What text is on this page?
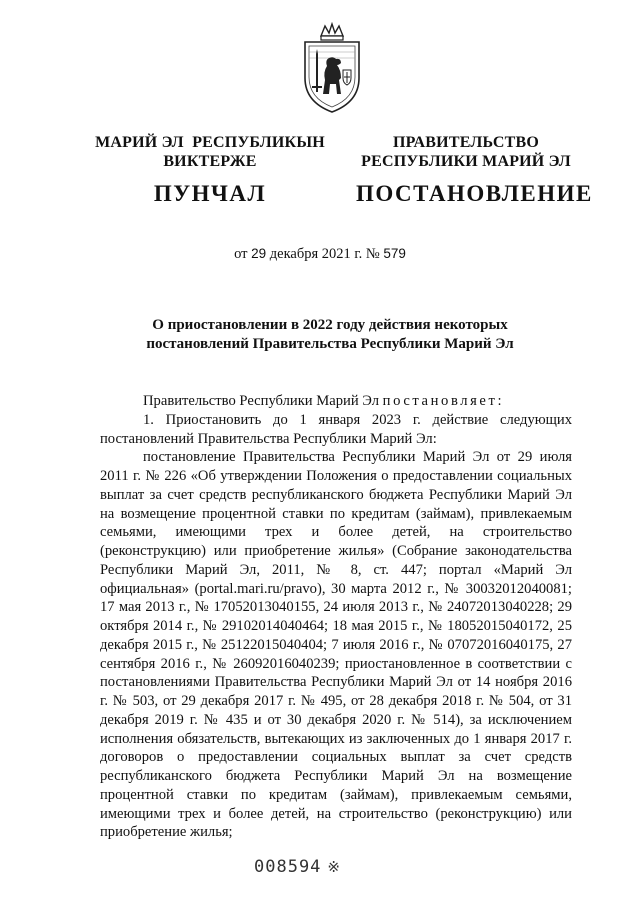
МАРИЙ ЭЛ  РЕСПУБЛИКЫН
ВИКТЕРЖЕ
ПУНЧАЛ
ПРАВИТЕЛЬСТВО
РЕСПУБЛИКИ МАРИЙ ЭЛ
ПОСТАНОВЛЕНИЕ
от 29 декабря 2021 г. № 579
О приостановлении в 2022 году действия некоторых
постановлений Правительства Республики Марий Эл

Правительство Республики Марий Эл постановляет:

1. Приостановить до 1 января 2023 г. действие следующих постановлений Правительства Республики Марий Эл:

постановление Правительства Республики Марий Эл от 29 июля 2011 г. № 226 «Об утверждении Положения о предоставлении социальных выплат за счет средств республиканского бюджета Республики Марий Эл на возмещение процентной ставки по кредитам (займам), привлекаемым семьями, имеющими трех и более детей, на строительство (реконструкцию) или приобретение жилья» (Собрание законодательства Республики Марий Эл, 2011, № 8, ст. 447; портал «Марий Эл официальная» (portal.mari.ru/pravo), 30 марта 2012 г., № 30032012040081; 17 мая 2013 г., № 17052013040155, 24 июля 2013 г., № 24072013040228; 29 октября 2014 г., № 29102014040464; 18 мая 2015 г., № 18052015040172, 25 декабря 2015 г., № 25122015040404; 7 июля 2016 г., № 07072016040175, 27 сентября 2016 г., № 26092016040239; приостановленное в соответствии с постановлениями Правительства Республики Марий Эл от 14 ноября 2016 г. № 503, от 29 декабря 2017 г. № 495, от 28 декабря 2018 г. № 504, от 31 декабря 2019 г. № 435 и от 30 декабря 2020 г. № 514), за исключением исполнения обязательств, вытекающих из заключенных до 1 января 2017 г. договоров о предоставлении социальных выплат за счет средств республиканского бюджета Республики Марий Эл на возмещение процентной ставки по кредитам (займам), привлекаемым семьями, имеющими трех и более детей, на строительство (реконструкцию) или приобретение жилья;

008594 ※
